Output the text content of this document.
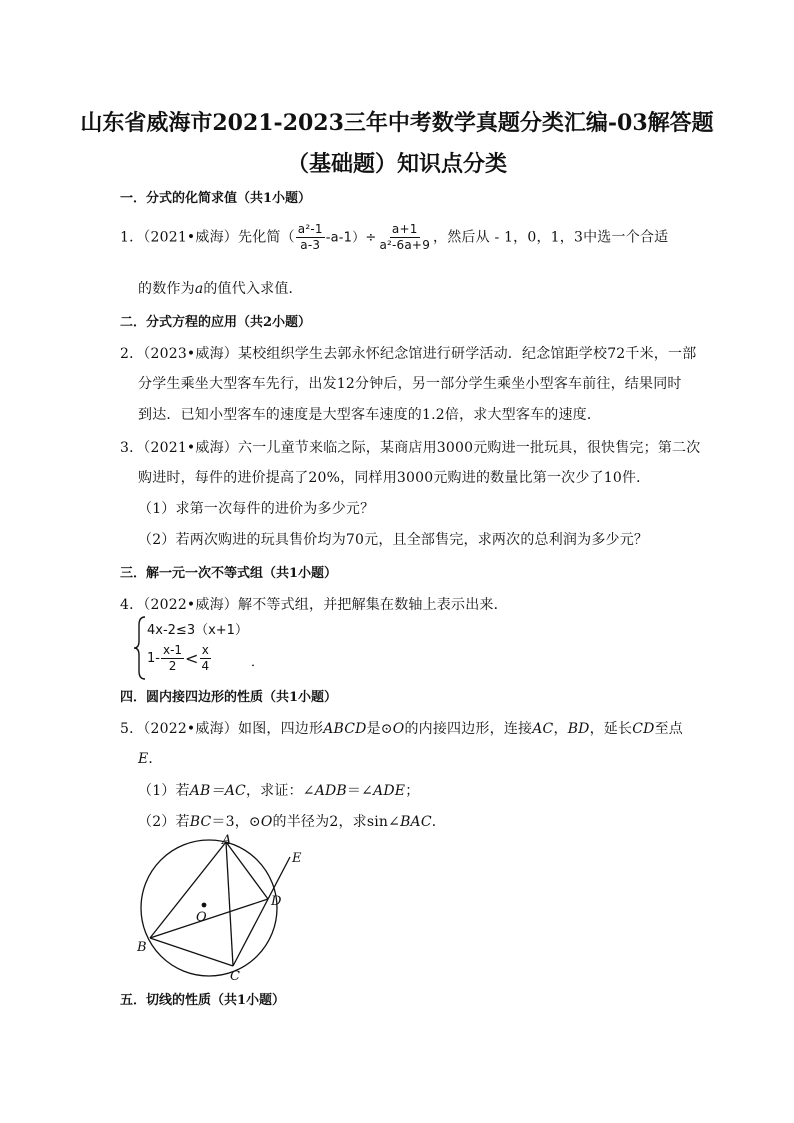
山东省威海市2021-2023三年中考数学真题分类汇编-03解答题
（基础题）知识点分类
一．分式的化简求值（共1小题）
1．（2021•威海）先化简（ $\frac{\text{a²-1}}{a-3} -a-1)\div \frac{a+1}{\text{a²-6a+9}}$ ，然后从 - 1，0，1，3中选一个合适
的数作为a的值代入求值．
二．分式方程的应用（共2小题）
2．（2023•威海）某校组织学生去郭永怀纪念馆进行研学活动．纪念馆距学校72千米，一部
分学生乘坐大型客车先行，出发12分钟后，另一部分学生乘坐小型客车前往，结果同时
到达．已知小型客车的速度是大型客车速度的1.2倍，求大型客车的速度．
3．（2021•威海）六一儿童节来临之际，某商店用3000元购进一批玩具，很快售完；第二次
购进时，每件的进价提高了20%，同样用3000元购进的数量比第一次少了10件．
（1）求第一次每件的进价为多少元？
（2）若两次购进的玩具售价均为70元，且全部售完，求两次的总利润为多少元？
三．解一元一次不等式组（共1小题）
4．（2022•威海）解不等式组，并把解集在数轴上表示出来．
4x-2≤3（x+1）
$1- \frac{x-1}{2} < \frac{x}{4}$	．
四．圆内接四边形的性质（共1小题）
5．（2022•威海）如图，四边形ABCD是⊙O的内接四边形，连接AC，BD，延长CD至点
E．
（1）若AB＝AC，求证：∠ADB＝∠ADE；
（2）若BC＝3，⊙O的半径为2，求sin∠BAC．
A
B
C
D
E
O
五．切线的性质（共1小题）
